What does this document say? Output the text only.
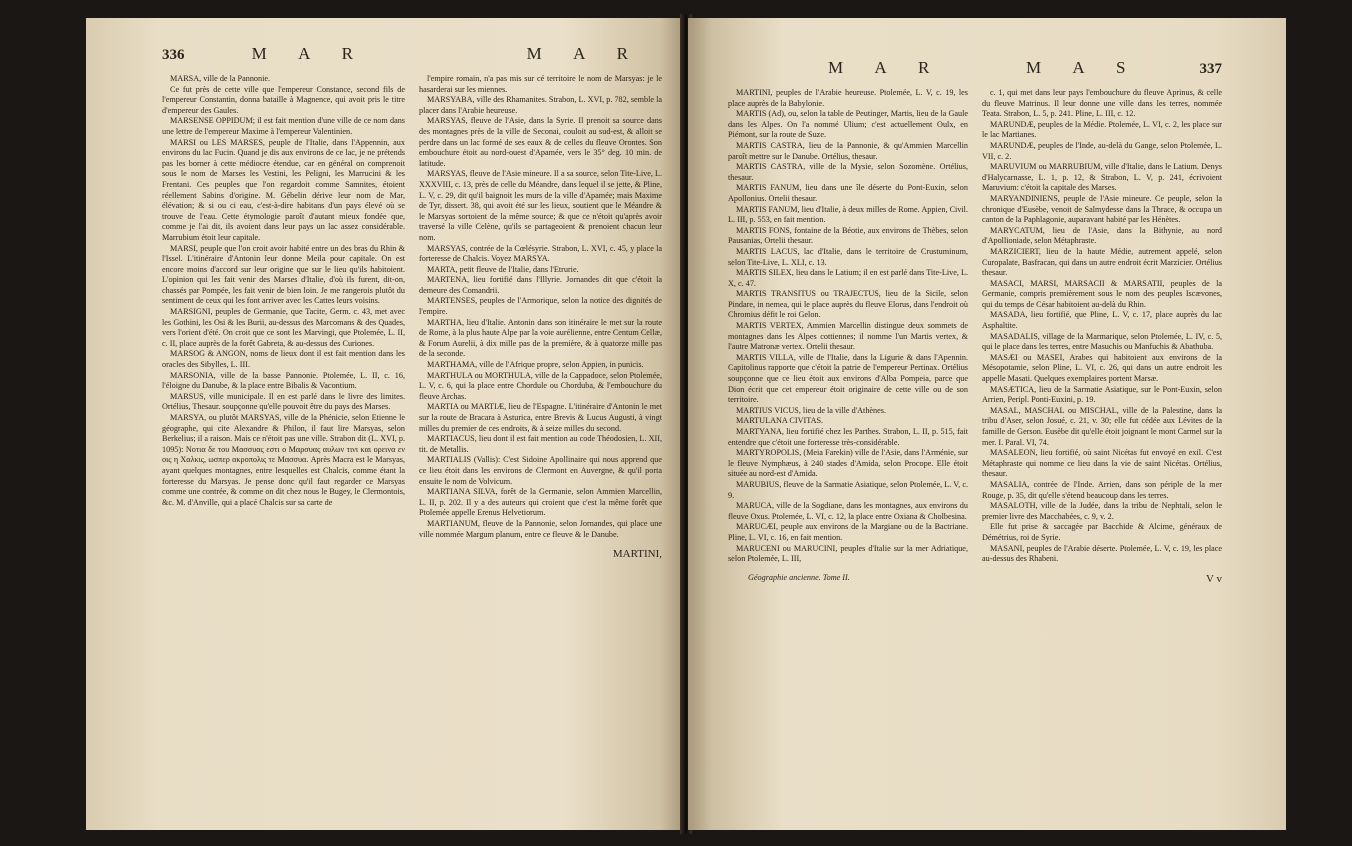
336	M A R	M A R

MARSA, ville de la Pannonie.

Ce fut près de cette ville que l'empereur Constance, second fils de l'empereur Constantin, donna bataille à Magnence, qui avoit pris le titre d'empereur des Gaules.

MARSENSE OPPIDUM; il est fait mention d'une ville de ce nom dans une lettre de l'empereur Maxime à l'empereur Valentinien.

MARSI ou LES MARSES, peuple de l'Italie, dans l'Appennin, aux environs du lac Fucin. Quand je dis aux environs de ce lac, je ne prétends pas les borner à cette médiocre étendue, car en général on comprenoit sous le nom de Marses les Vestini, les Peligni, les Marrucini & les Frentani. Ces peuples que l'on regardoit comme Samnites, étoient réellement Sabins d'origine. M. Gébelin dérive leur nom de Mar, élévation; & si ou ci eau, c'est-à-dire habitans d'un pays élevé où se trouve de l'eau. Cette étymologie paroît d'autant mieux fondée que, comme je l'ai dit, ils avoient dans leur pays un lac assez considérable. Marrubium étoit leur capitale.

MARSI, peuple que l'on croit avoir habité entre un des bras du Rhin & l'Issel. L'itinéraire d'Antonin leur donne Meila pour capitale. On est encore moins d'accord sur leur origine que sur le lieu qu'ils habitoient. L'opinion qui les fait venir des Marses d'Italie, d'où ils furent, dit-on, chassés par Pompée, les fait venir de bien loin. Je me rangerois plutôt du sentiment de ceux qui les font arriver avec les Cattes leurs voisins.

MARSIGNI, peuples de Germanie, que Tacite, Germ. c. 43, met avec les Gothini, les Osi & les Burii, au-dessus des Marcomans & des Quades, vers l'orient d'été. On croit que ce sont les Marvingi, que Ptolemée, L. II, c. II, place auprès de la forêt Gabreta, & au-dessus des Curiones.

MARSOG & ANGON, noms de lieux dont il est fait mention dans les oracles des Sibylles, L. III.

MARSONIA, ville de la basse Pannonie. Ptolemée, L. II, c. 16, l'éloigne du Danube, & la place entre Bibalis & Vacontium.

MARSUS, ville municipale. Il en est parlé dans le livre des limites. Ortélius, Thesaur. soupçonne qu'elle pouvoit être du pays des Marses.

MARSYA, ou plutôt MARSYAS, ville de la Phénicie, selon Etienne le géographe, qui cite Alexandre & Philon, il faut lire Marsyas, selon Berkelius; il a raison. Mais ce n'étoit pas une ville. Strabon dit (L. XVI, p. 1095): Νοτια δε του Μασσυας εστι ο Μαρσυας αυλων τινι και ορεινα εν οις η Χαλκις, ωσπερ ακροπολις τε Μασσυα. Après Macra est le Marsyas, ayant quelques montagnes, entre lesquelles est Chalcis, comme étant la forteresse du Marsyas. Je pense donc qu'il faut regarder ce Marsyas comme une contrée, & comme on dit chez nous le Bugey, le Clermontois, &c. M. d'Anville, qui a placé Chalcis sur sa carte de

l'empire romain, n'a pas mis sur cé territoire le nom de Marsyas: je le hasarderai sur les miennes.

MARSYABA, ville des Rhamanites. Strabon, L. XVI, p. 782, semble la placer dans l'Arabie heureuse.

MARSYAS, fleuve de l'Asie, dans la Syrie. Il prenoit sa source dans des montagnes près de la ville de Seconai, couloit au sud-est, & alloit se perdre dans un lac formé de ses eaux & de celles du fleuve Orontes. Son embouchure étoit au nord-ouest d'Apamée, vers le 35° deg. 10 min. de latitude.

MARSYAS, fleuve de l'Asie mineure. Il a sa source, selon Tite-Live, L. XXXVIII, c. 13, près de celle du Méandre, dans lequel il se jette, & Pline, L. V, c. 29, dit qu'il baignoit les murs de la ville d'Apamée; mais Maxime de Tyr, dissert. 38, qui avoit été sur les lieux, soutient que le Méandre & le Marsyas sortoient de la même source; & que ce n'étoit qu'après avoir traversé la ville Celène, qu'ils se partageoient & prenoient chacun leur nom.

MARSYAS, contrée de la Cœlésyrie. Strabon, L. XVI, c. 45, y place la forteresse de Chalcis. Voyez MARSYA.

MARTA, petit fleuve de l'Italie, dans l'Etrurie.

MARTENA, lieu fortifié dans l'Illyrie. Jornandes dit que c'étoit la demeure des Comandrii.

MARTENSES, peuples de l'Armorique, selon la notice des dignités de l'empire.

MARTHA, lieu d'Italie. Antonin dans son itinéraire le met sur la route de Rome, à la plus haute Alpe par la voie aurélienne, entre Centum Cellæ, & Forum Aurelii, à dix mille pas de la première, & à quatorze mille pas de la seconde.

MARTHAMA, ville de l'Afrique propre, selon Appien, in punicis.

MARTHULA ou MORTHULA, ville de la Cappadoce, selon Ptolemée, L. V, c. 6, qui la place entre Chordule ou Chorduba, & l'embouchure du fleuve Archas.

MARTIA ou MARTIÆ, lieu de l'Espagne. L'itinéraire d'Antonin le met sur la route de Bracara à Asturica, entre Brevis & Lucus Augusti, à vingt milles du premier de ces endroits, & à seize milles du second.

MARTIACUS, lieu dont il est fait mention au code Théodosien, L. XII, tit. de Metallis.

MARTIALIS (Vallis): C'est Sidoine Apollinaire qui nous apprend que ce lieu étoit dans les environs de Clermont en Auvergne, & qu'il porta ensuite le nom de Volvicum.

MARTIANA SILVA, forêt de la Germanie, selon Ammien Marcellin, L. II, p. 202. Il y a des auteurs qui croient que c'est la même forêt que Ptolemée appelle Erenus Helvetiorum.

MARTIANUM, fleuve de la Pannonie, selon Jornandes, qui place une ville nommée Margum planum, entre ce fleuve & le Danube.

MARTINI,
M A R	M A S	337

MARTINI, peuples de l'Arabie heureuse. Ptolemée, L. V, c. 19, les place auprès de la Babylonie.

MARTIS (Ad), ou, selon la table de Peutinger, Martis, lieu de la Gaule dans les Alpes. On l'a nommé Ulium; c'est actuellement Oulx, en Piémont, sur la route de Suze.

MARTIS CASTRA, lieu de la Pannonie, & qu'Ammien Marcellin paroît mettre sur le Danube. Ortélius, thesaur.

MARTIS CASTRA, ville de la Mysie, selon Sozomène. Ortélius, thesaur.

MARTIS FANUM, lieu dans une île déserte du Pont-Euxin, selon Apollonius. Ortelii thesaur.

MARTIS FANUM, lieu d'Italie, à deux milles de Rome. Appien, Civil. L. III, p. 553, en fait mention.

MARTIS FONS, fontaine de la Béotie, aux environs de Thèbes, selon Pausanias, Ortelii thesaur.

MARTIS LACUS, lac d'Italie, dans le territoire de Crustuminum, selon Tite-Live, L. XLI, c. 13.

MARTIS SILEX, lieu dans le Latium; il en est parlé dans Tite-Live, L. X, c. 47.

MARTIS TRANSITUS ou TRAJECTUS, lieu de la Sicile, selon Pindare, in nemea, qui le place auprès du fleuve Elorus, dans l'endroit où Chromius défit le roi Gelon.

MARTIS VERTEX, Ammien Marcellin distingue deux sommets de montagnes dans les Alpes cottiennes; il nomme l'un Martis vertex, & l'autre Matronæ vertex. Ortelii thesaur.

MARTIS VILLA, ville de l'Italie, dans la Ligurie & dans l'Apennin. Capitolinus rapporte que c'étoit la patrie de l'empereur Pertinax. Ortélius soupçonne que ce lieu étoit aux environs d'Alba Pompeia, parce que Dion écrit que cet empereur étoit originaire de cette ville ou de son territoire.

MARTIUS VICUS, lieu de la ville d'Athènes.

MARTULANA CIVITAS.

MARTYANA, lieu fortifié chez les Parthes. Strabon, L. II, p. 515, fait entendre que c'étoit une forteresse très-considérable.

MARTYROPOLIS, (Meia Farekin) ville de l'Asie, dans l'Arménie, sur le fleuve Nymphæus, à 240 stades d'Amida, selon Procope. Elle étoit située au nord-est d'Amida.

MARUBIUS, fleuve de la Sarmatie Asiatique, selon Ptolemée, L. V, c. 9.

MARUCA, ville de la Sogdiane, dans les montagnes, aux environs du fleuve Oxus. Ptolemée, L. VI, c. 12, la place entre Oxiana & Cholbesina.

MARUCÆI, peuple aux environs de la Margiane ou de la Bactriane. Pline, L. VI, c. 16, en fait mention.

MARUCENI ou MARUCINI, peuples d'Italie sur la mer Adriatique, selon Ptolemée, L. III,

c. 1, qui met dans leur pays l'embouchure du fleuve Aprinus, & celle du fleuve Matrinus. Il leur donne une ville dans les terres, nommée Teata. Strabon, L. 5, p. 241. Pline, L. III, c. 12.

MARUNDÆ, peuples de la Médie. Ptolemée, L. VI, c. 2, les place sur le lac Martianes.

MARUNDÆ, peuples de l'Inde, au-delà du Gange, selon Ptolemée, L. VII, c. 2.

MARUVIUM ou MARRUBIUM, ville d'Italie, dans le Latium. Denys d'Halycarnasse, L. 1, p. 12, & Strabon, L. V, p. 241, écrivoient Maruvium: c'étoit la capitale des Marses.

MARYANDINIENS, peuple de l'Asie mineure. Ce peuple, selon la chronique d'Eusèbe, venoit de Salmydesse dans la Thrace, & occupa un canton de la Paphlagonie, auparavant habité par les Hénètes.

MARYCATUM, lieu de l'Asie, dans la Bithynie, au nord d'Apollioniade, selon Métaphraste.

MARZICIERT, lieu de la haute Médie, autrement appelé, selon Curopalate, Basfracan, qui dans un autre endroit écrit Marzicier. Ortélius thesaur.

MASACI, MARSI, MARSACII & MARSATII, peuples de la Germanie, compris premièrement sous le nom des peuples Iscævones, qui du temps de César habitoient au-delà du Rhin.

MASADA, lieu fortifié, que Pline, L. V, c. 17, place auprès du lac Asphaltite.

MASADALIS, village de la Marmarique, selon Ptolemée, L. IV, c. 5, qui le place dans les terres, entre Masuchis ou Manfuchis & Abathuba.

MASÆI ou MASEI, Arabes qui habitoient aux environs de la Mésopotamie, selon Pline, L. VI, c. 26, qui dans un autre endroit les appelle Masati. Quelques exemplaires portent Marsæ.

MASÆTICA, lieu de la Sarmatie Asiatique, sur le Pont-Euxin, selon Arrien, Peripl. Ponti-Euxini, p. 19.

MASAL, MASCHAL ou MISCHAL, ville de la Palestine, dans la tribu d'Aser, selon Josué, c. 21, v. 30; elle fut cédée aux Lévites de la famille de Gerson. Eusèbe dit qu'elle étoit joignant le mont Carmel sur la mer. I. Paral. VI, 74.

MASALEON, lieu fortifié, où saint Nicétas fut envoyé en exil. C'est Métaphraste qui nomme ce lieu dans la vie de saint Nicétas. Ortélius, thesaur.

MASALIA, contrée de l'Inde. Arrien, dans son périple de la mer Rouge, p. 35, dit qu'elle s'étend beaucoup dans les terres.

MASALOTH, ville de la Judée, dans la tribu de Nephtali, selon le premier livre des Macchabées, c. 9, v. 2.

Elle fut prise & saccagée par Bacchide & Alcime, généraux de Démétrius, roi de Syrie.

MASANI, peuples de l'Arabie déserte. Ptolemée, L. V, c. 19, les place au-dessus des Rhabeni.

Géographie ancienne. Tome II.	V v
